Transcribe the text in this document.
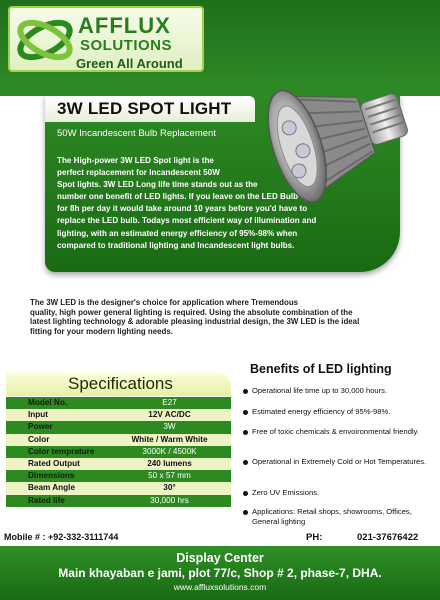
AFFLUX
SOLUTIONS
Green All Around
3W LED SPOT LIGHT
50W Incandescent Bulb Replacement
The High-power 3W LED Spot light is the
perfect replacement for Incandescent 50W
Spot lights. 3W LED Long life time stands out as the
number one benefit of LED lights. If you leave on the LED Bulb
for 8h per day it would take around 10 years before you'd have to
replace the LED bulb. Todays most efficient way of illumination and
lighting, with an estimated energy efficiency of 95%-98% when
compared to traditional lighting and Incandescent light bulbs.
The 3W LED is the designer's choice for application where Tremendous
quality, high power general lighting is required. Using the absolute combination of the
latest lighting technology & adorable pleasing industrial design, the 3W LED is the ideal
fitting for your modern lighting needs.
Specifications
Model No.	E27
Input	12V AC/DC
Power	3W
Color	White / Warm White
Color temprature	3000K / 4500K
Rated Output	240 lumens
Dimensions	50 x 57 mm
Beam Angle	30°
Rated life	30,000 hrs
Benefits of LED lighting
Operational life time up to 30,000 hours.
Estimated energy efficiency of 95%-98%.
Free of toxic chemicals & envoironmental friendly.
Operational in Extremely Cold or Hot Temperatures.
Zero UV Emissions.
Applications: Retail shops, showrooms, Offices, General lighting
Mobile # : +92-332-3111744	PH:	021-37676422
Display Center
Main khayaban e jami, plot 77/c, Shop # 2, phase-7, DHA.
www.affluxsolutions.com
